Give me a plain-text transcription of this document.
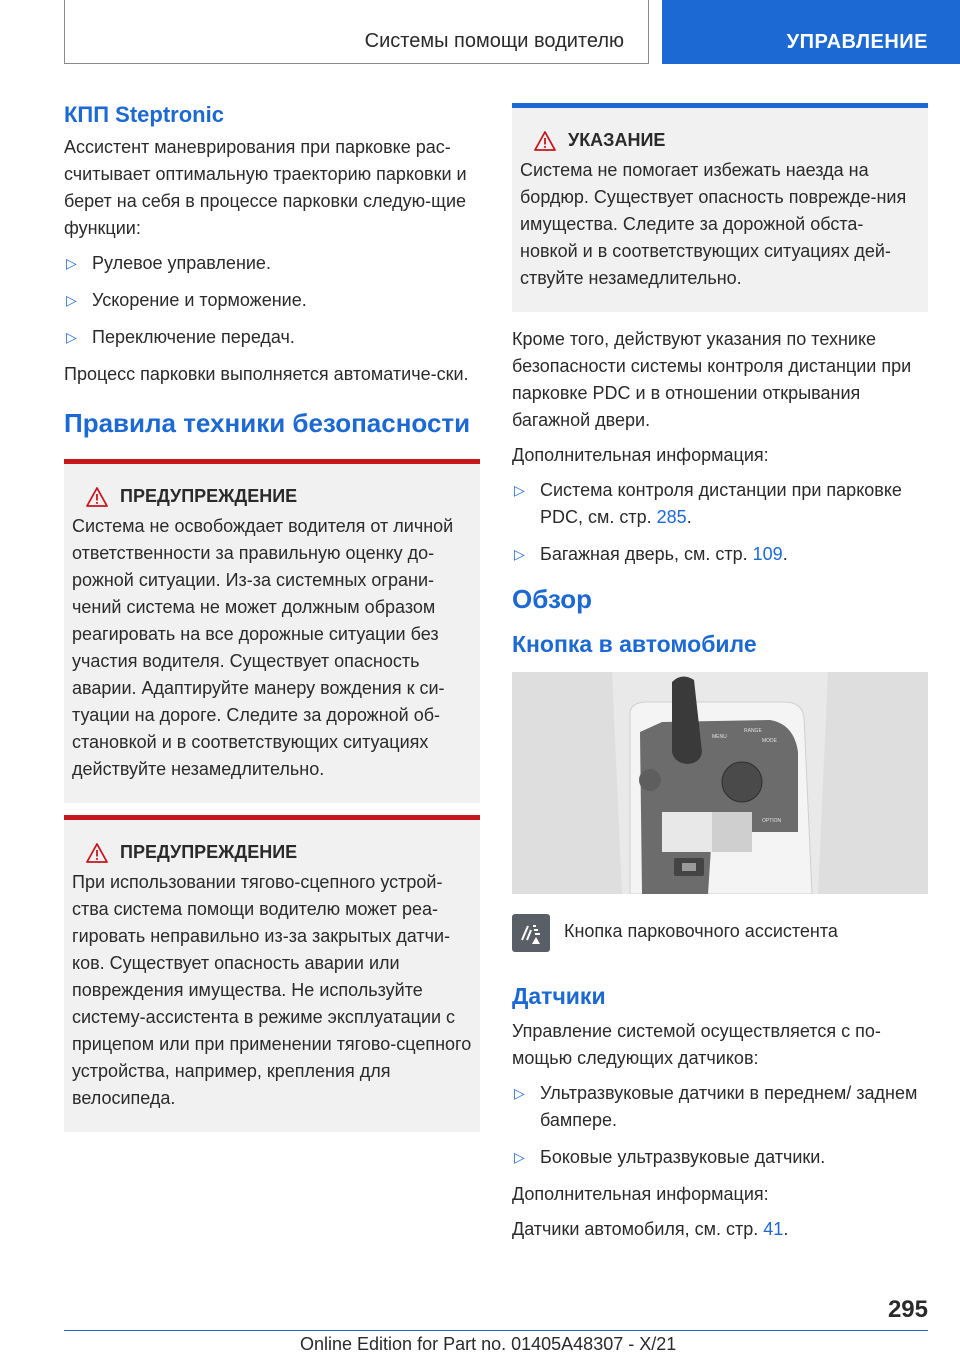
Системы помощи водителю	УПРАВЛЕНИЕ
КПП Steptronic

Ассистент маневрирования при парковке рас-считывает оптимальную траекторию парковки и берет на себя в процессе парковки следую-щие функции:

▷ Рулевое управление.
▷ Ускорение и торможение.
▷ Переключение передач.

Процесс парковки выполняется автоматиче-ски.

Правила техники безопасности
ПРЕДУПРЕЖДЕНИЕ

Система не освобождает водителя от личной ответственности за правильную оценку до-рожной ситуации. Из-за системных ограни-чений система не может должным образом реагировать на все дорожные ситуации без участия водителя. Существует опасность аварии. Адаптируйте манеру вождения к си-туации на дороге. Следите за дорожной об-становкой и в соответствующих ситуациях действуйте незамедлительно.

ПРЕДУПРЕЖДЕНИЕ

При использовании тягово-сцепного устрой-ства система помощи водителю может реа-гировать неправильно из-за закрытых датчи-ков. Существует опасность аварии или повреждения имущества. Не используйте систему-ассистента в режиме эксплуатации с прицепом или при применении тягово-сцепного устройства, например, крепления для велосипеда.

УКАЗАНИЕ

Система не помогает избежать наезда на бордюр. Существует опасность поврежде-ния имущества. Следите за дорожной обста-новкой и в соответствующих ситуациях дей-ствуйте незамедлительно.

Кроме того, действуют указания по технике безопасности системы контроля дистанции при парковке PDC и в отношении открывания багажной двери.

Дополнительная информация:

▷ Система контроля дистанции при парковке PDC, см. стр. 285.
▷ Багажная дверь, см. стр. 109.
Обзор
Кнопка в автомобиле
MENU
RANGE
MODE
OPTION

Кнопка парковочного ассистента

Датчики

Управление системой осуществляется с по-мощью следующих датчиков:

▷ Ультразвуковые датчики в переднем/ заднем бампере.
▷ Боковые ультразвуковые датчики.

Дополнительная информация:

Датчики автомобиля, см. стр. 41.

295
Online Edition for Part no. 01405A48307 - X/21
